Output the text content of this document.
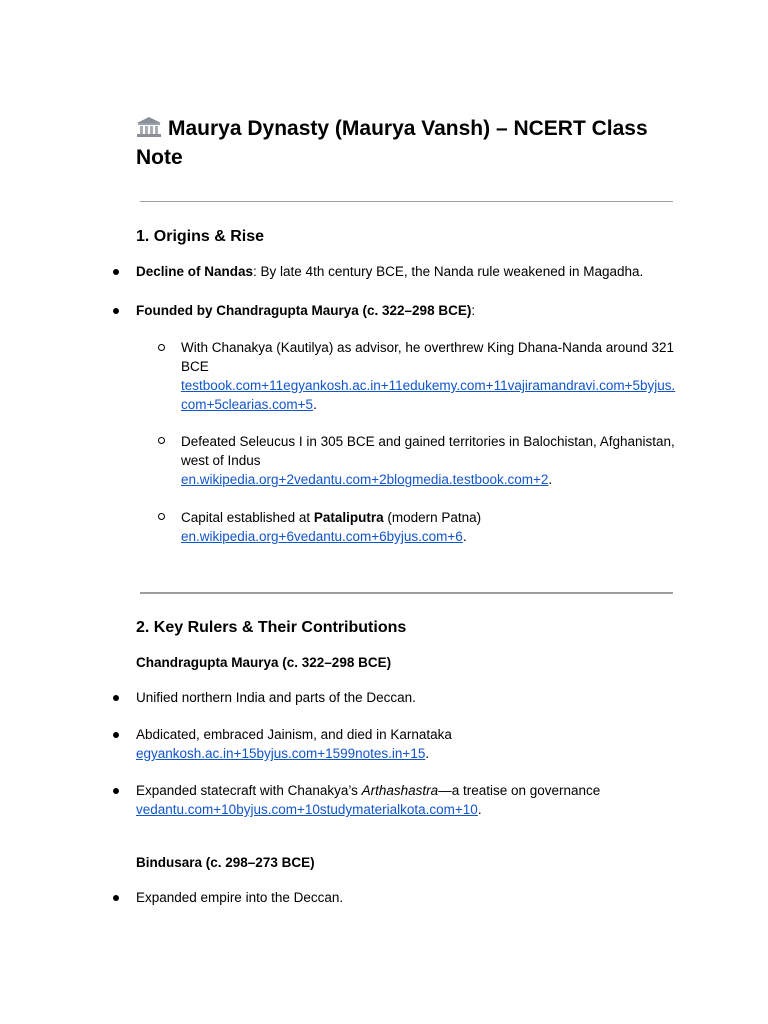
Maurya Dynasty (Maurya Vansh) – NCERT Class Note
1. Origins & Rise

Decline of Nandas: By late 4th century BCE, the Nanda rule weakened in Magadha.

Founded by Chandragupta Maurya (c. 322–298 BCE):

With Chanakya (Kautilya) as advisor, he overthrew King Dhana-Nanda around 321 BCE
testbook.com+11egyankosh.ac.in+11edukemy.com+11vajiramandravi.com+5byjus.com+5clearias.com+5.

Defeated Seleucus I in 305 BCE and gained territories in Balochistan, Afghanistan, west of Indus
en.wikipedia.org+2vedantu.com+2blogmedia.testbook.com+2.

Capital established at Pataliputra (modern Patna)
en.wikipedia.org+6vedantu.com+6byjus.com+6.

2. Key Rulers & Their Contributions
Chandragupta Maurya (c. 322–298 BCE)

Unified northern India and parts of the Deccan.

Abdicated, embraced Jainism, and died in Karnataka
egyankosh.ac.in+15byjus.com+1599notes.in+15.

Expanded statecraft with Chanakya’s Arthashastra—a treatise on governance
vedantu.com+10byjus.com+10studymaterialkota.com+10.

Bindusara (c. 298–273 BCE)

Expanded empire into the Deccan.
